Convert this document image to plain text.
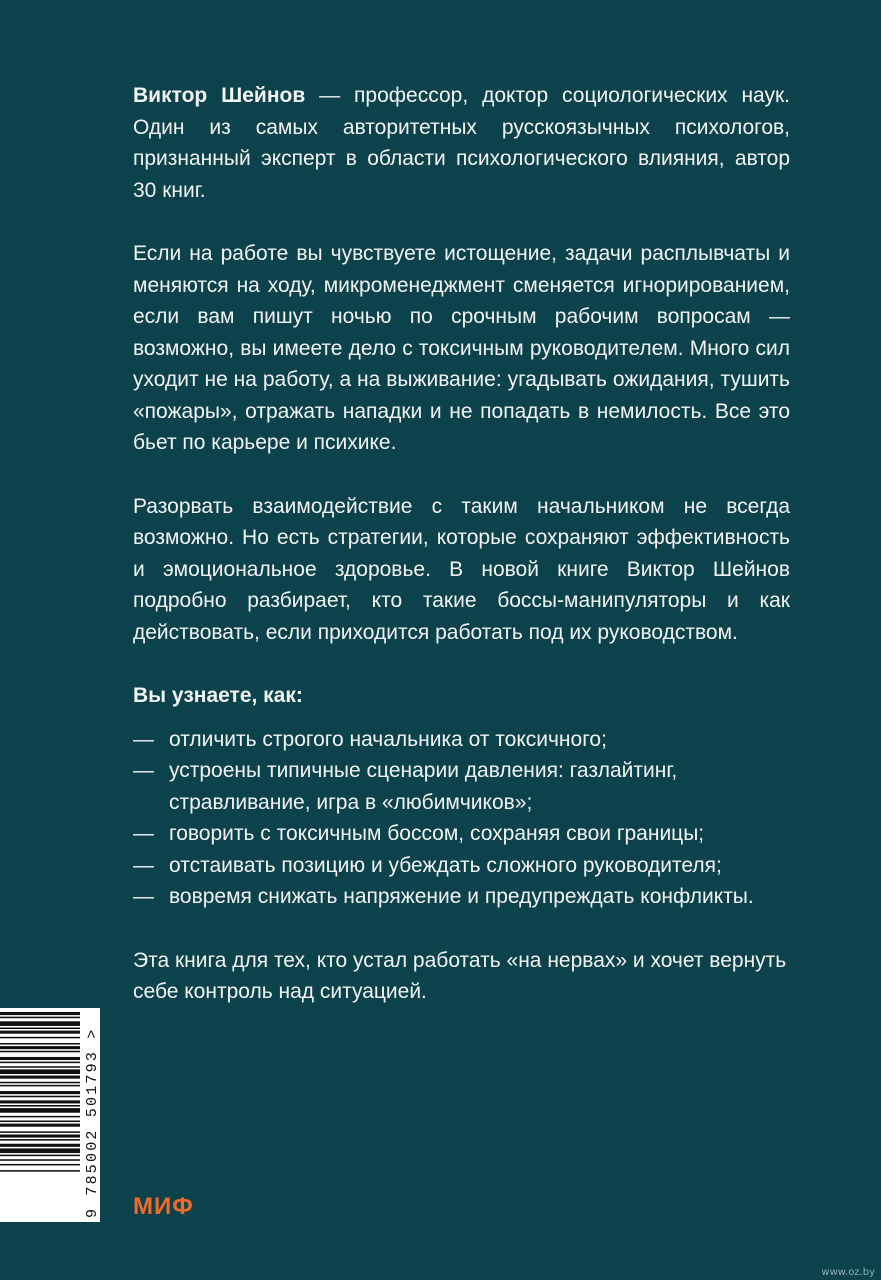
Виктор Шейнов — профессор, доктор социологических наук. Один из самых авторитетных русскоязычных психологов, признанный эксперт в области психологического влияния, автор 30 книг.

Если на работе вы чувствуете истощение, задачи расплывчаты и меняются на ходу, микроменеджмент сменяется игнорированием, если вам пишут ночью по срочным рабочим вопросам — возможно, вы имеете дело с токсичным руководителем. Много сил уходит не на работу, а на выживание: угадывать ожидания, тушить «пожары», отражать нападки и не попадать в немилость. Все это бьет по карьере и психике.

Разорвать взаимодействие с таким начальником не всегда возможно. Но есть стратегии, которые сохраняют эффективность и эмоциональное здоровье. В новой книге Виктор Шейнов подробно разбирает, кто такие боссы-манипуляторы и как действовать, если приходится работать под их руководством.

Вы узнаете, как:
— отличить строгого начальника от токсичного;
— устроены типичные сценарии давления: газлайтинг, стравливание, игра в «любимчиков»;
— говорить с токсичным боссом, сохраняя свои границы;
— отстаивать позицию и убеждать сложного руководителя;
— вовремя снижать напряжение и предупреждать конфликты.

Эта книга для тех, кто устал работать «на нервах» и хочет вернуть себе контроль над ситуацией.

9 785002 501793 > МИФ
www.oz.by
